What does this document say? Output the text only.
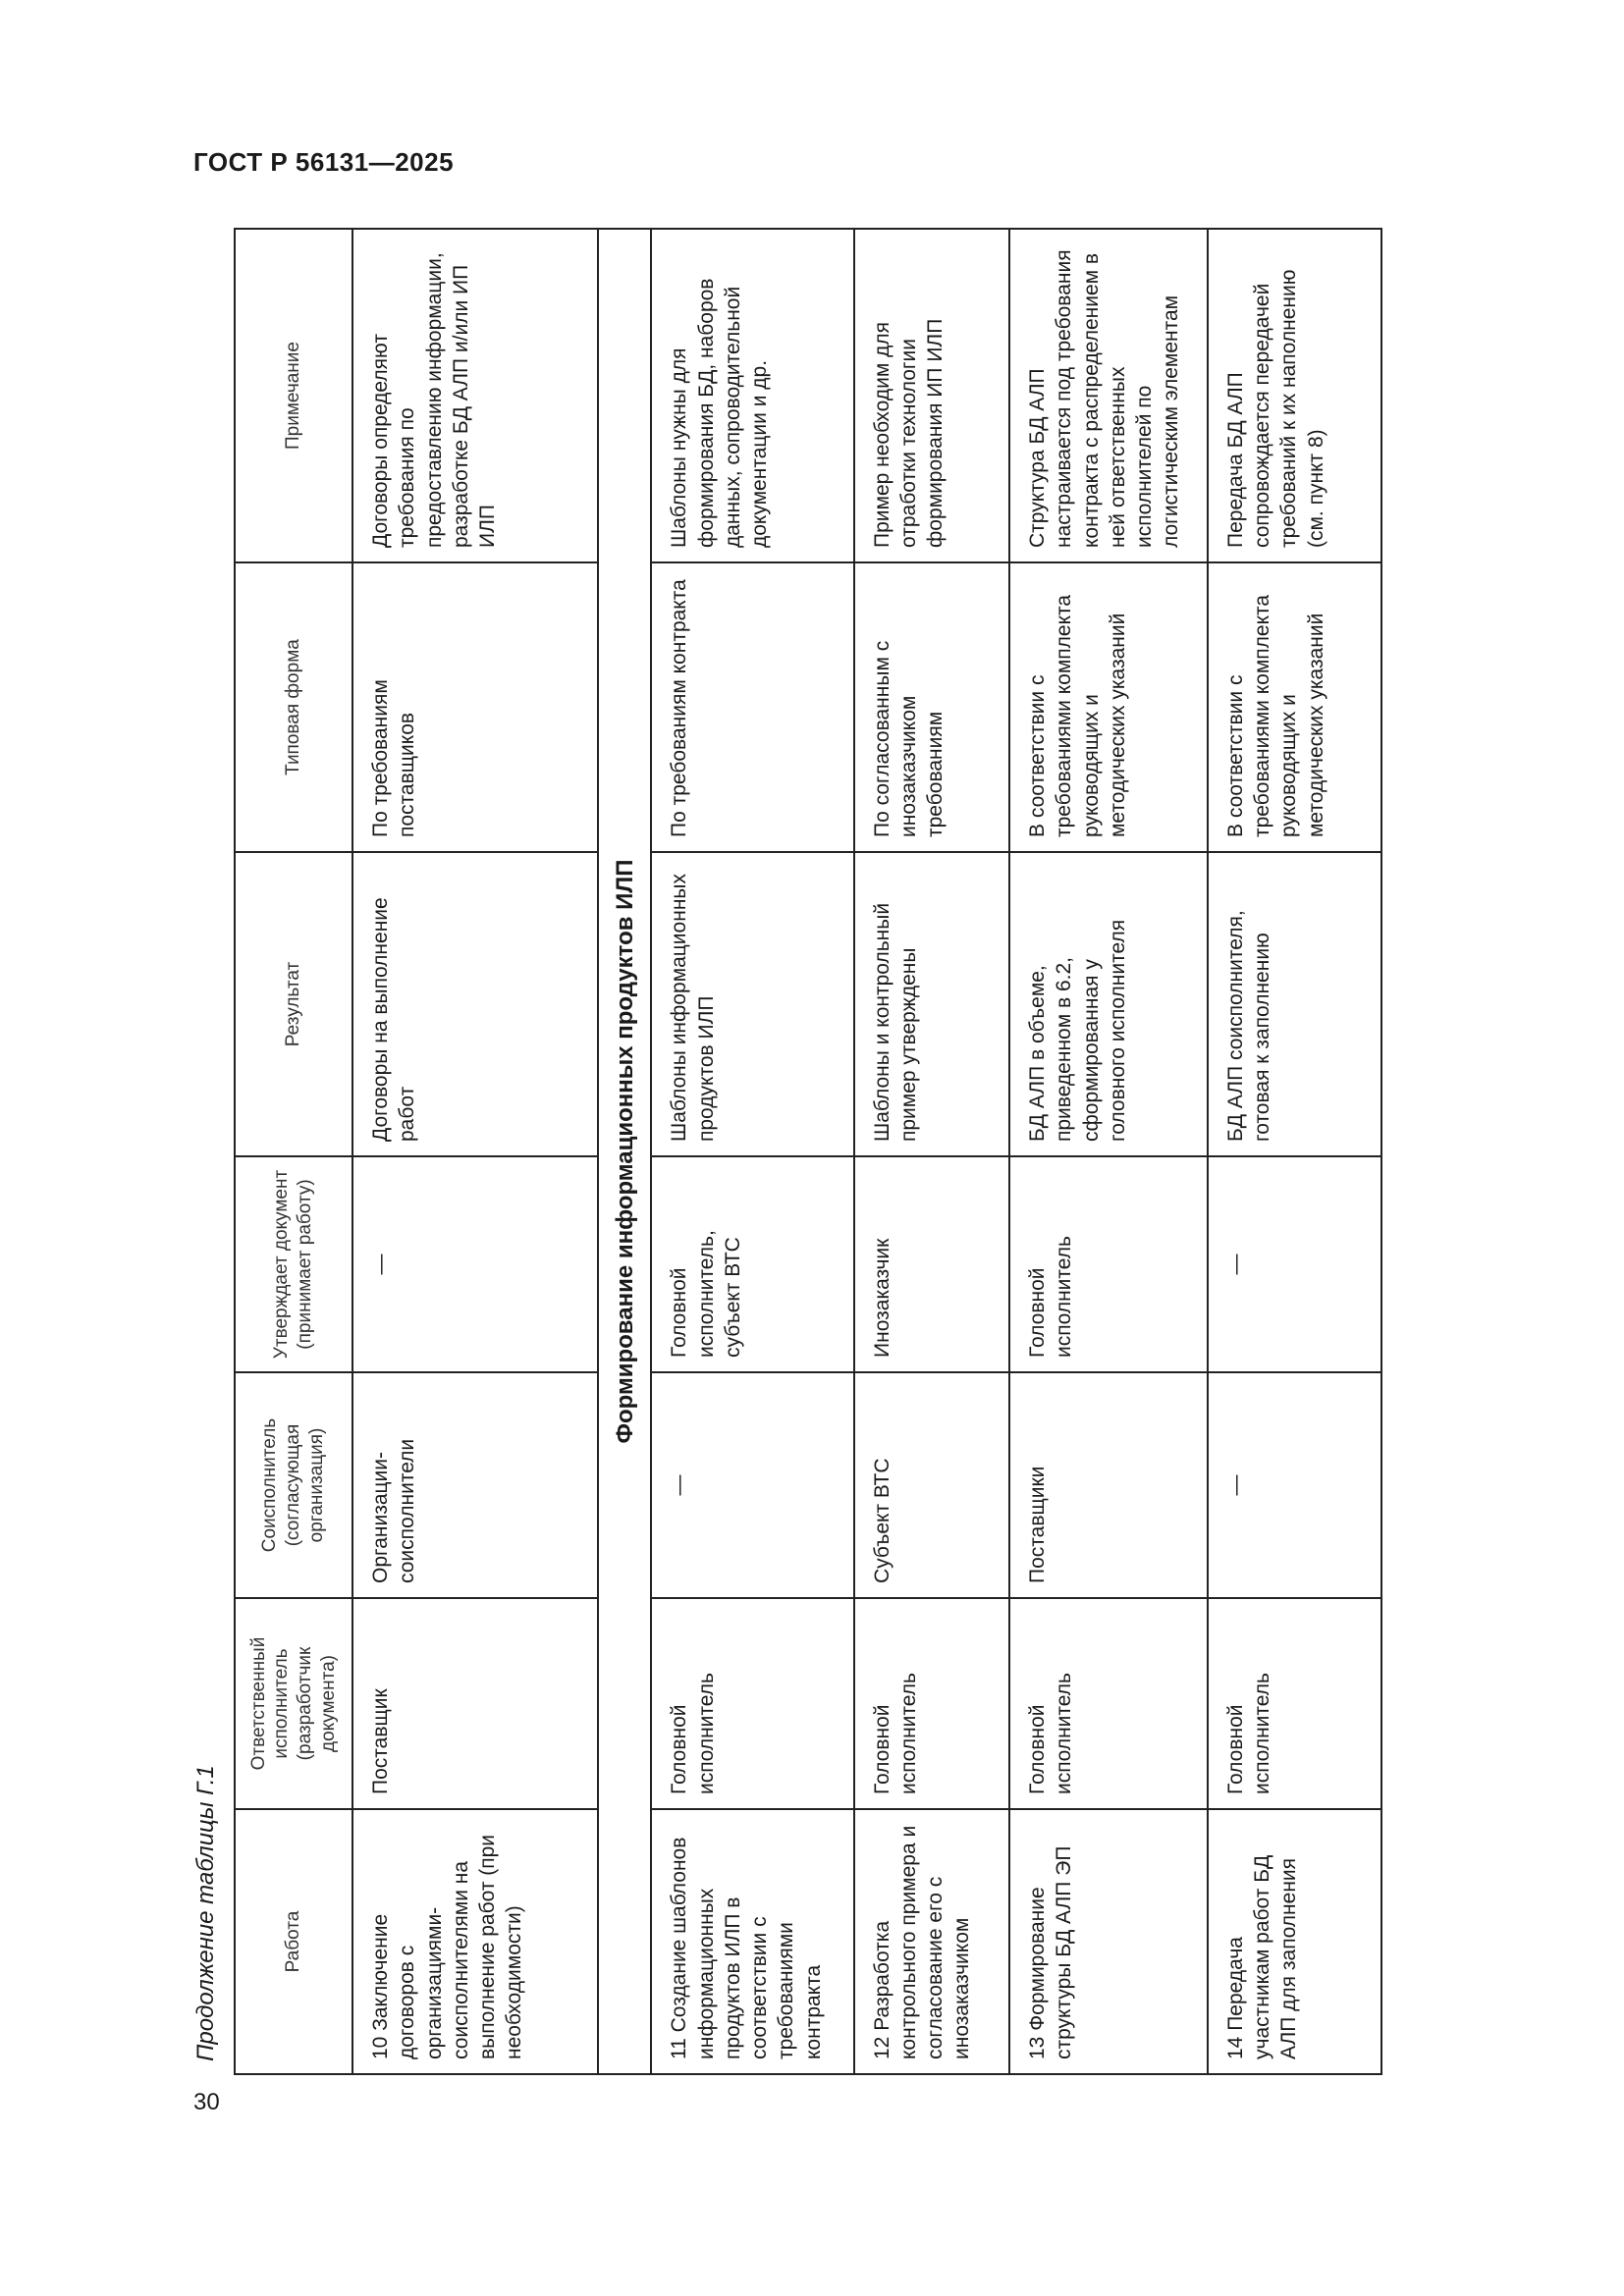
ГОСТ Р 56131—2025
Продолжение таблицы Г.1
30
Работа	Ответственный исполнитель (разработчик документа)	Соисполнитель (согласующая организация)	Утверждает документ (принимает работу)	Результат	Типовая форма	Примечание
10 Заключение договоров с организациями-соисполнителями на выполнение работ (при необходимости)	Поставщик	Организации-соисполнители	—	Договоры на выполнение работ	По требованиям поставщиков	Договоры определяют требования по предоставлению информации, разработке БД АЛП и/или ИП ИЛП
Формирование информационных продуктов ИЛП						
11 Создание шаблонов информационных продуктов ИЛП в соответствии с требованиями контракта	Головной исполнитель	—	Головной исполнитель, субъект ВТС	Шаблоны информационных продуктов ИЛП	По требованиям контракта	Шаблоны нужны для формирования БД, наборов данных, сопроводительной документации и др.
12 Разработка контрольного примера и согласование его с инозаказчиком	Головной исполнитель	Субъект ВТС	Инозаказчик	Шаблоны и контрольный пример утверждены	По согласованным с инозаказчиком требованиям	Пример необходим для отработки технологии формирования ИП ИЛП
13 Формирование структуры БД АЛП ЭП	Головной исполнитель	Поставщики	Головной исполнитель	БД АЛП в объеме, приведенном в 6.2, сформированная у головного исполнителя	В соответствии с требованиями комплекта руководящих и методических указаний	Структура БД АЛП настраивается под требования контракта с распределением в ней ответственных исполнителей по логистическим элементам
14 Передача участникам работ БД АЛП для заполнения	Головной исполнитель	—	—	БД АЛП соисполнителя, готовая к заполнению	В соответствии с требованиями комплекта руководящих и методических указаний	Передача БД АЛП сопровождается передачей требований к их наполнению (см. пункт 8)
